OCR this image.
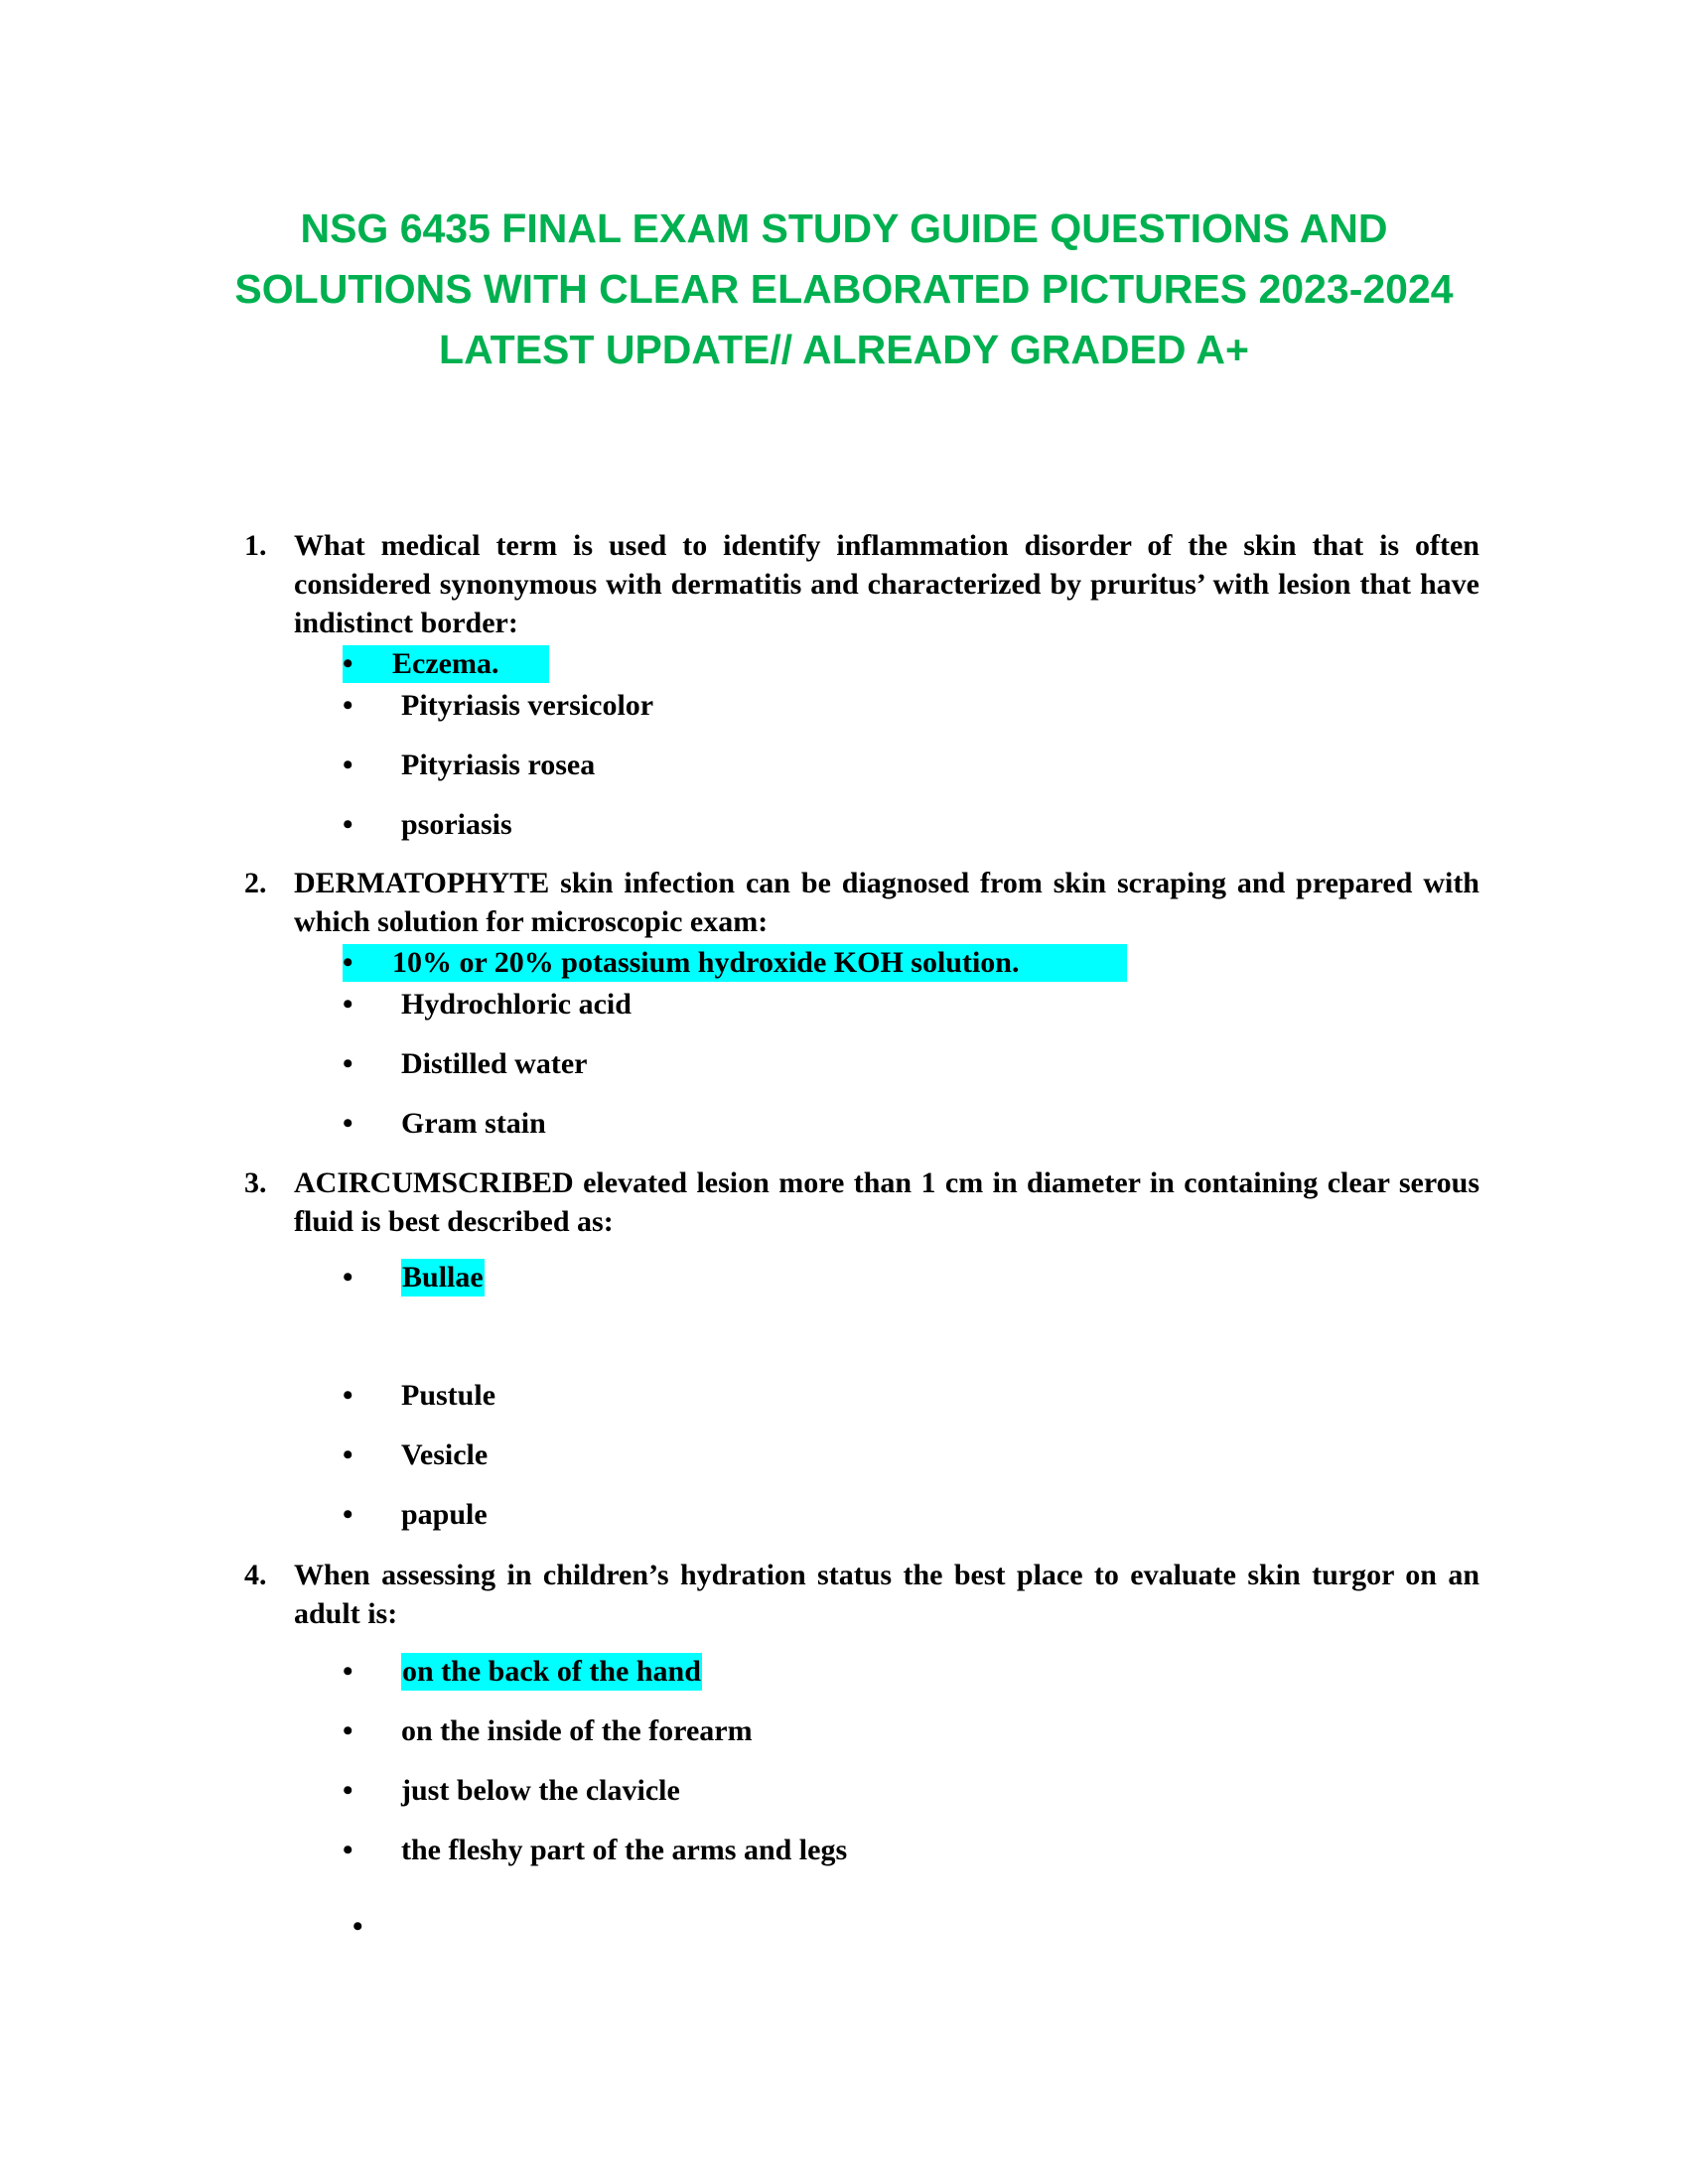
NSG 6435 FINAL EXAM STUDY GUIDE QUESTIONS AND SOLUTIONS WITH CLEAR ELABORATED PICTURES 2023-2024 LATEST UPDATE// ALREADY GRADED A+
1. What medical term is used to identify inflammation disorder of the skin that is often considered synonymous with dermatitis and characterized by pruritus’ with lesion that have indistinct border:
• Eczema.
• Pityriasis versicolor
• Pityriasis rosea
• psoriasis
2. DERMATOPHYTE skin infection can be diagnosed from skin scraping and prepared with which solution for microscopic exam:
• 10% or 20% potassium hydroxide KOH solution.
• Hydrochloric acid
• Distilled water
• Gram stain
3. ACIRCUMSCRIBED elevated lesion more than 1 cm in diameter in containing clear serous fluid is best described as:
• Bullae
• Pustule
• Vesicle
• papule
4. When assessing in children’s hydration status the best place to evaluate skin turgor on an adult is:
• on the back of the hand
• on the inside of the forearm
• just below the clavicle
• the fleshy part of the arms and legs
•
